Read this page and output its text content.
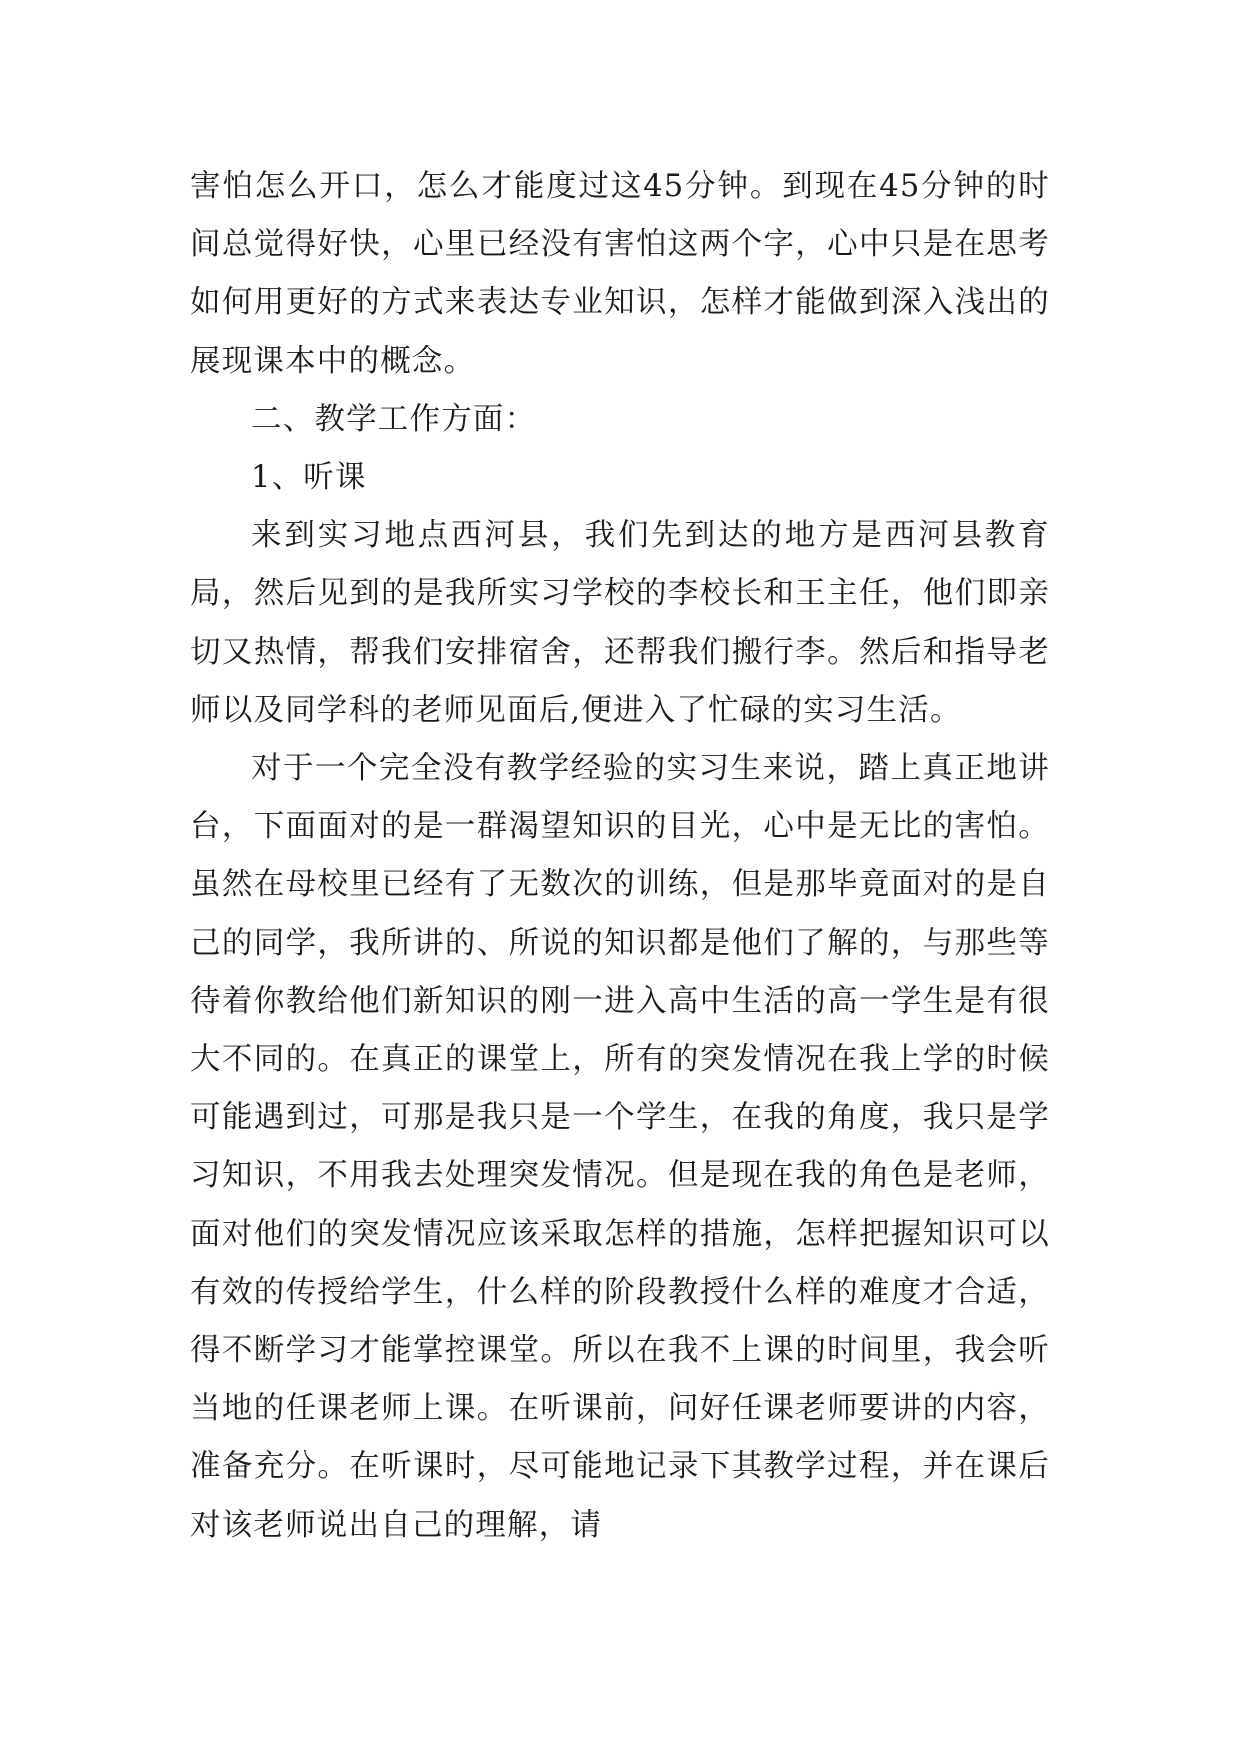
害怕怎么开口，怎么才能度过这45分钟。到现在45分钟的时间总觉得好快，心里已经没有害怕这两个字，心中只是在思考如何用更好的方式来表达专业知识，怎样才能做到深入浅出的展现课本中的概念。

二、教学工作方面：

1、听课

来到实习地点西河县，我们先到达的地方是西河县教育局，然后见到的是我所实习学校的李校长和王主任，他们即亲切又热情，帮我们安排宿舍，还帮我们搬行李。然后和指导老师以及同学科的老师见面后,便进入了忙碌的实习生活。

对于一个完全没有教学经验的实习生来说，踏上真正地讲台，下面面对的是一群渴望知识的目光，心中是无比的害怕。虽然在母校里已经有了无数次的训练，但是那毕竟面对的是自己的同学，我所讲的、所说的知识都是他们了解的，与那些等待着你教给他们新知识的刚一进入高中生活的高一学生是有很大不同的。在真正的课堂上，所有的突发情况在我上学的时候可能遇到过，可那是我只是一个学生，在我的角度，我只是学习知识，不用我去处理突发情况。但是现在我的角色是老师，面对他们的突发情况应该采取怎样的措施，怎样把握知识可以有效的传授给学生，什么样的阶段教授什么样的难度才合适，得不断学习才能掌控课堂。所以在我不上课的时间里，我会听当地的任课老师上课。在听课前，问好任课老师要讲的内容，准备充分。在听课时，尽可能地记录下其教学过程，并在课后对该老师说出自己的理解，请
